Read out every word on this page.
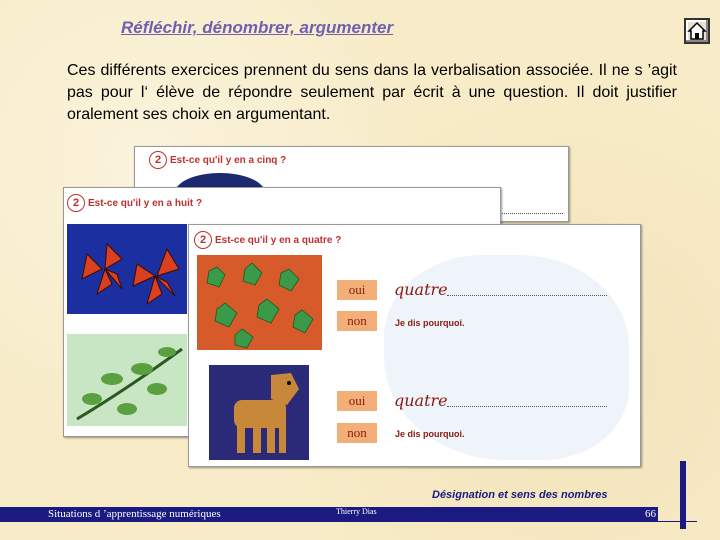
Réfléchir, dénombrer, argumenter
Ces différents exercices prennent du sens dans la verbalisation associée. Il ne s ’agit pas pour l‘ élève de répondre seulement par écrit à une question. Il doit justifier oralement ses choix en argumentant.
2 Est-ce qu'il y en a cinq ?
2 Est-ce qu'il y en a huit ?
2 Est-ce qu'il y en a quatre ?
oui
non
quatre
Je dis pourquoi.
oui
non
quatre
Je dis pourquoi.
Désignation et sens des nombres
Situations d ’apprentissage numériques	Thierry Dias	66
